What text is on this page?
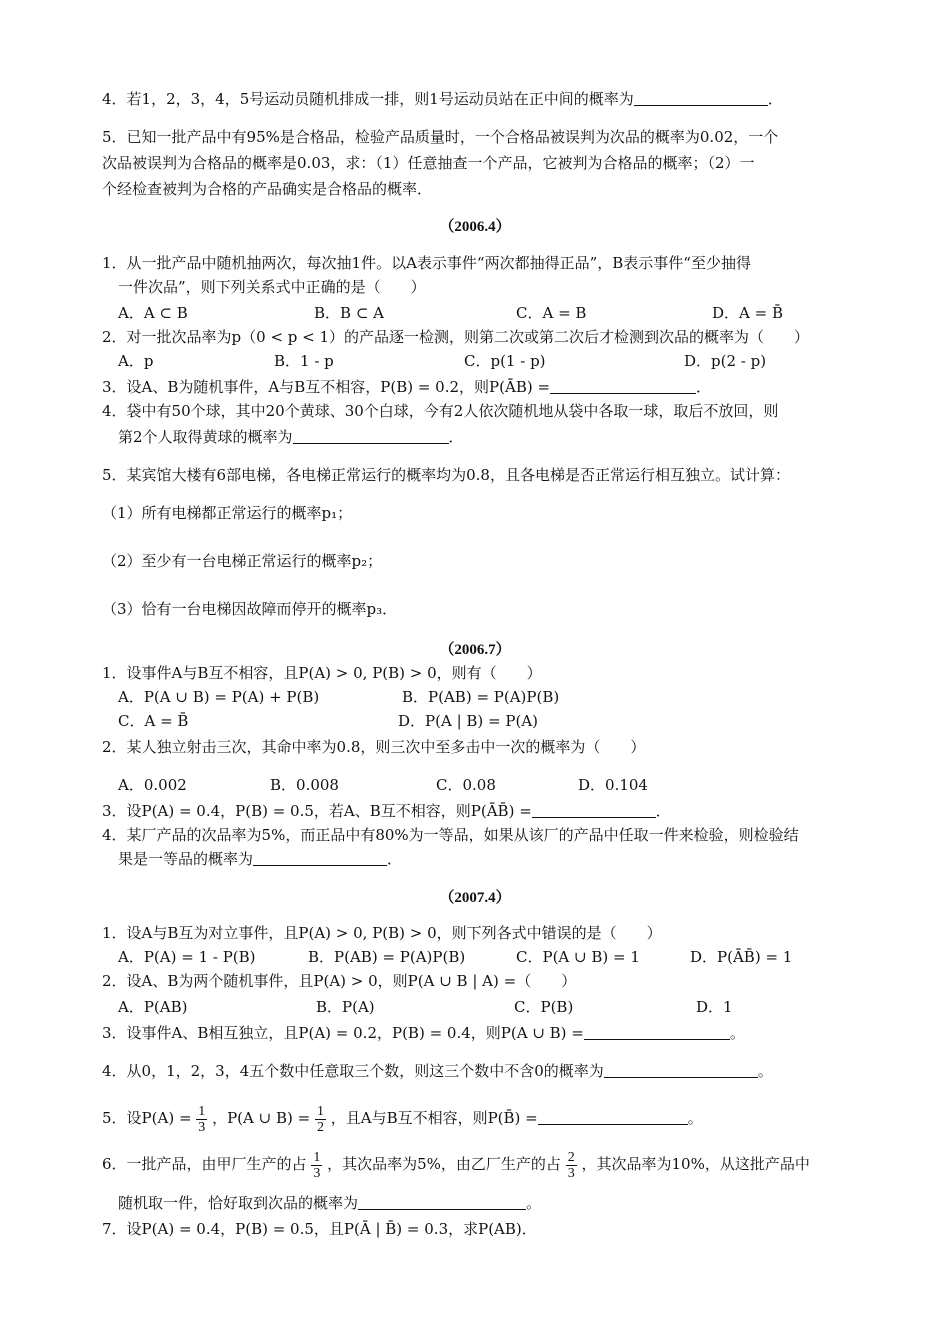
4．若1，2，3，4，5号运动员随机排成一排，则1号运动员站在正中间的概率为	．
5．已知一批产品中有95%是合格品，检验产品质量时，一个合格品被误判为次品的概率为0.02，一个
次品被误判为合格品的概率是0.03，求：（1）任意抽查一个产品，它被判为合格品的概率；（2）一
个经检查被判为合格的产品确实是合格品的概率．
（2006.4）
1．从一批产品中随机抽两次，每次抽1件。以A表示事件“两次都抽得正品”，B表示事件“至少抽得
一件次品”，则下列关系式中正确的是（　　）
A．A ⊂ B	B．B ⊂ A	C．A = B	D．A = B̄
2．对一批次品率为p（0 < p < 1）的产品逐一检测，则第二次或第二次后才检测到次品的概率为（　　）
A．p	B．1 - p	C．p(1 - p)	D．p(2 - p)
3．设A、B为随机事件，A与B互不相容，P(B) = 0.2，则P(ĀB) =	．
4．袋中有50个球，其中20个黄球、30个白球，今有2人依次随机地从袋中各取一球，取后不放回，则
第2个人取得黄球的概率为	．
5．某宾馆大楼有6部电梯，各电梯正常运行的概率均为0.8，且各电梯是否正常运行相互独立。试计算：
（1）所有电梯都正常运行的概率p₁；
（2）至少有一台电梯正常运行的概率p₂；
（3）恰有一台电梯因故障而停开的概率p₃．
（2006.7）
1．设事件A与B互不相容，且P(A) > 0, P(B) > 0，则有（　　）
A．P(A ∪ B) = P(A) + P(B)	B．P(AB) = P(A)P(B)
C．A = B̄	D．P(A | B) = P(A)
2．某人独立射击三次，其命中率为0.8，则三次中至多击中一次的概率为（　　）
A．0.002	B．0.008	C．0.08	D．0.104
3．设P(A) = 0.4，P(B) = 0.5，若A、B互不相容，则P(ĀB̄) =	．
4．某厂产品的次品率为5%，而正品中有80%为一等品，如果从该厂的产品中任取一件来检验，则检验结
果是一等品的概率为	．
（2007.4）
1．设A与B互为对立事件，且P(A) > 0, P(B) > 0，则下列各式中错误的是（　　）
A．P(A) = 1 - P(B)	B．P(AB) = P(A)P(B)	C．P(A ∪ B) = 1	D．P(ĀB̄) = 1
2．设A、B为两个随机事件，且P(A) > 0，则P(A ∪ B | A) =（　　）
A．P(AB)	B．P(A)	C．P(B)	D．1
3．设事件A、B相互独立，且P(A) = 0.2，P(B) = 0.4，则P(A ∪ B) =	。
4．从0，1，2，3，4五个数中任意取三个数，则这三个数中不含0的概率为	。
5．设$P(A) = \frac{1}{3}$ ，P(A ∪ $B) = \frac{1}{2}$ ，且A与B互不相容，则P(B̄) =	。
6．一批产品，由甲厂生产的占 $\frac{1}{3}$ ，其次品率为5%，由乙厂生产的占 $\frac{2}{3}$ ，其次品率为10%，从这批产品中
随机取一件，恰好取到次品的概率为	。
7．设P(A) = 0.4，P(B) = 0.5，且P(Ā | B̄) = 0.3，求P(AB)．
